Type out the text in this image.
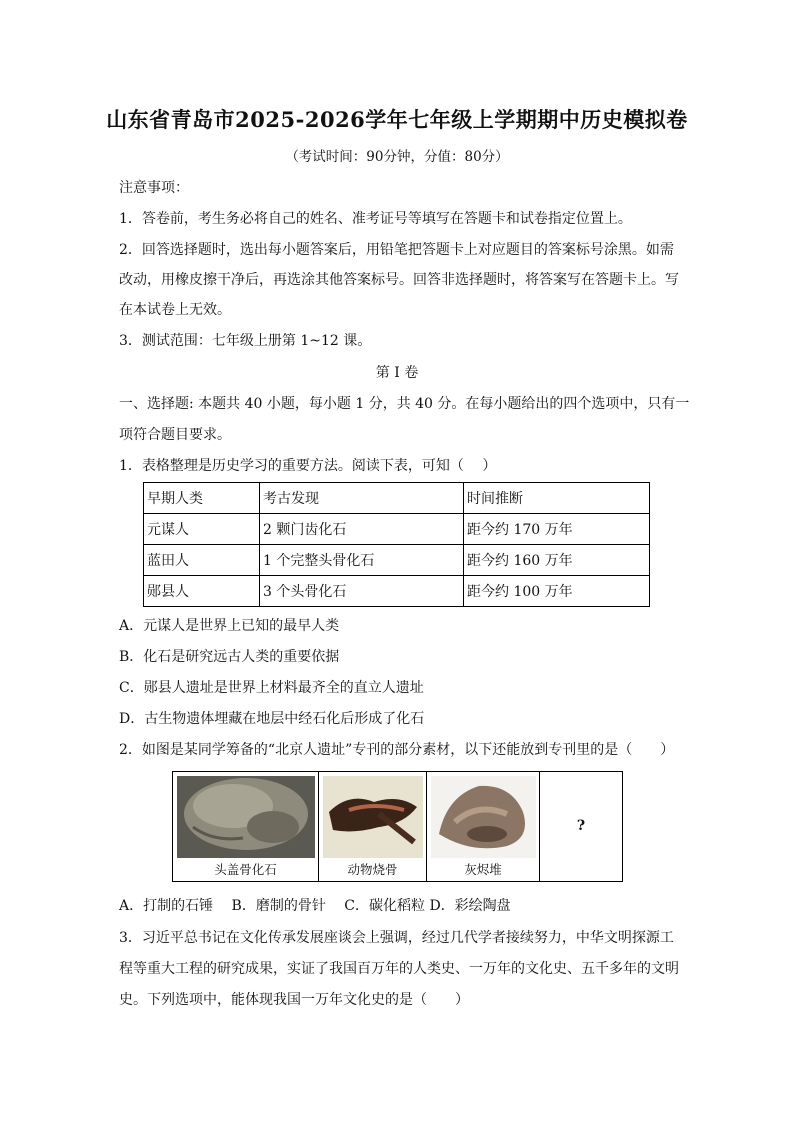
山东省青岛市2025-2026学年七年级上学期期中历史模拟卷
（考试时间：90分钟，分值：80分）
注意事项：
1．答卷前，考生务必将自己的姓名、准考证号等填写在答题卡和试卷指定位置上。
2．回答选择题时，选出每小题答案后，用铅笔把答题卡上对应题目的答案标号涂黑。如需
改动，用橡皮擦干净后，再选涂其他答案标号。回答非选择题时，将答案写在答题卡上。写
在本试卷上无效。
3．测试范围：七年级上册第 1~12 课。
第 I 卷
一、选择题: 本题共 40 小题，每小题 1 分，共 40 分。在每小题给出的四个选项中，只有一
项符合题目要求。
1．表格整理是历史学习的重要方法。阅读下表，可知（　 ）
早期人类	考古发现	时间推断
元谋人	2 颗门齿化石	距今约 170 万年
蓝田人	1 个完整头骨化石	距今约 160 万年
郧县人	3 个头骨化石	距今约 100 万年
A．元谋人是世界上已知的最早人类
B．化石是研究远古人类的重要依据
C．郧县人遗址是世界上材料最齐全的直立人遗址
D．古生物遗体埋藏在地层中经石化后形成了化石
2．如图是某同学筹备的“北京人遗址”专刊的部分素材，以下还能放到专刊里的是（　　）
头盖骨化石	动物烧骨	灰烬堆
?
A．打制的石锤　 B．磨制的骨针　 C．碳化稻粒 D．彩绘陶盘
3．习近平总书记在文化传承发展座谈会上强调，经过几代学者接续努力，中华文明探源工
程等重大工程的研究成果，实证了我国百万年的人类史、一万年的文化史、五千多年的文明
史。下列选项中，能体现我国一万年文化史的是（　　）
